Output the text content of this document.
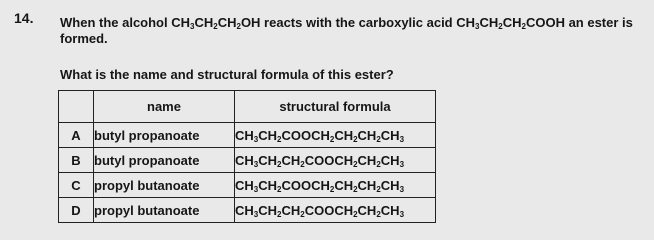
14. When the alcohol $CH_3CH_2CH_2OH$ reacts with the carboxylic acid $CH_3CH_2CH_2COOH$ an ester is
formed.
What is the name and structural formula of this ester?
	name	structural formula
A	butyl propanoate	$CH_3CH_2COOCH_2CH_2CH_2CH_3$
B	butyl propanoate	$CH_3CH_2CH_2COOCH_2CH_2CH_3$
C	propyl butanoate	$CH_3CH_2COOCH_2CH_2CH_2CH_3$
D	propyl butanoate	$CH_3CH_2CH_2COOCH_2CH_2CH_3$
